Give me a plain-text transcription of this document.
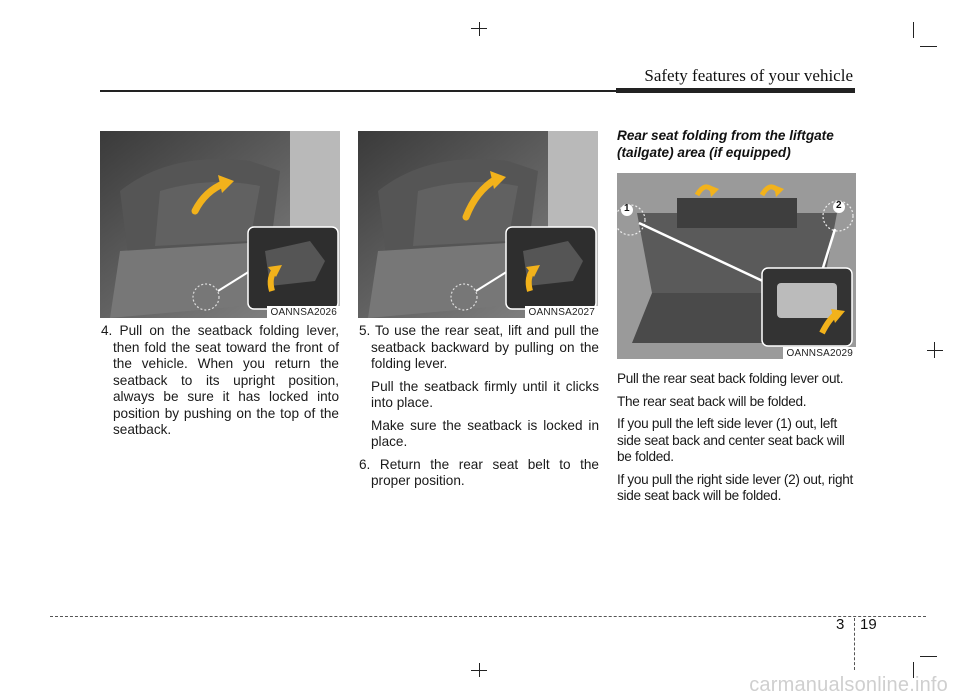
Safety features of your vehicle
OANNSA2026	OANNSA2027
1	2
OANNSA2029
4. Pull on the seatback folding lever, then fold the seat toward the front of the vehicle. When you return the seatback to its upright position, always be sure it has locked into position by pushing on the top of the seatback.
5. To use the rear seat, lift and pull the seatback backward by pulling on the folding lever.
Pull the seatback firmly until it clicks into place.
Make sure the seatback is locked in place.
6. Return the rear seat belt to the proper position.
Rear seat folding from the liftgate (tailgate) area (if equipped)

Pull the rear seat back folding lever out.

The rear seat back will be folded.

If you pull the left side lever (1) out, left side seat back and center seat back will be folded.

If you pull the right side lever (2) out, right side seat back will be folded.

3 19
carmanualsonline.info
